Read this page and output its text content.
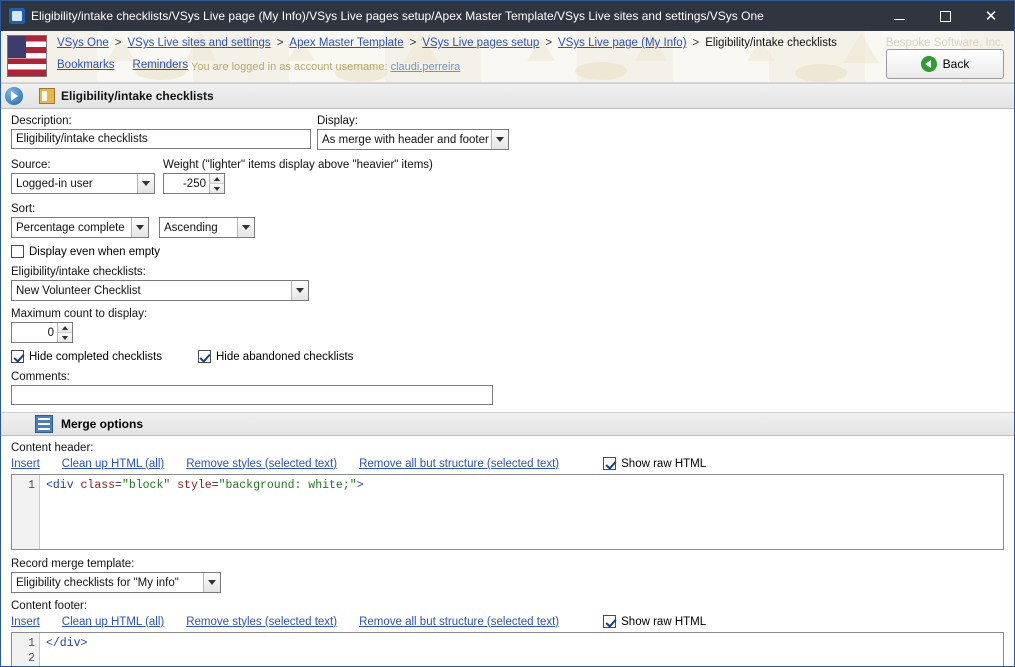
Eligibility/intake checklists/VSys Live page (My Info)/VSys Live pages setup/Apex Master Template/VSys Live sites and settings/VSys One	✕
VSys One > VSys Live sites and settings > Apex Master Template > VSys Live pages setup > VSys Live page (My Info) > Eligibility/intake checklists
Bookmarks Reminders You are logged in as account username: claudi.perreira
Bespoke Software, Inc.
Back
Eligibility/intake checklists
Description:
Eligibility/intake checklists	Display:
As merge with header and footer
Source:
Logged-in user
Weight ("lighter" items display above "heavier" items)
-250
Sort:
Percentage complete	Ascending
Display even when empty
Eligibility/intake checklists:
New Volunteer Checklist
Maximum count to display:
0
Hide completed checklists	Hide abandoned checklists
Comments:
Merge options
Content header:
Insert Clean up HTML (all) Remove styles (selected text) Remove all but structure (selected text)	Show raw HTML
1 <div class="block" style="background: white;">
Record merge template:
Eligibility checklists for "My info"
Content footer:
Insert Clean up HTML (all) Remove styles (selected text) Remove all but structure (selected text)	Show raw HTML
1
2
</div>
